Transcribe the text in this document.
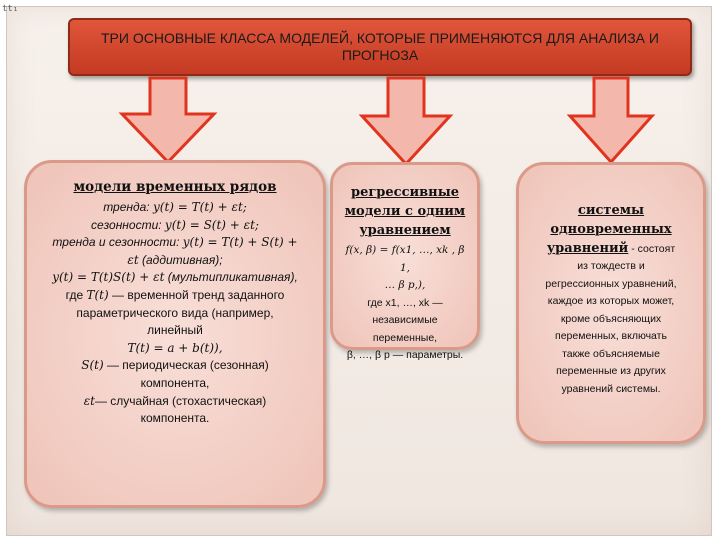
tt₁
ТРИ ОСНОВНЫЕ КЛАССА МОДЕЛЕЙ, КОТОРЫЕ ПРИМЕНЯЮТСЯ ДЛЯ АНАЛИЗА И ПРОГНОЗА
модели временных рядов
тренда: y(t) = T(t) + εt;
сезонности: y(t) = S(t) + εt;
тренда и сезонности: y(t) = T(t) + S(t) +
εt (аддитивная);
y(t) = T(t)S(t) + εt (мультипликативная),
где T(t) — временной тренд заданного
параметрического вида (например,
линейный
T(t) = a + b(t)),
S(t) — периодическая (сезонная)
компонента,
εt— случайная (стохастическая)
компонента.
регрессивные
модели с одним
уравнением
f(x, β) = f(x1, …, xk , β 1,
… β p,),
где x1, …, xk —
независимые
переменные,
β, …, β p — параметры.
системы
одновременных
уравнений - состоят
из тождеств и
регрессионных уравнений,
каждое из которых может,
кроме объясняющих
переменных, включать
также объясняемые
переменные из других
уравнений системы.
